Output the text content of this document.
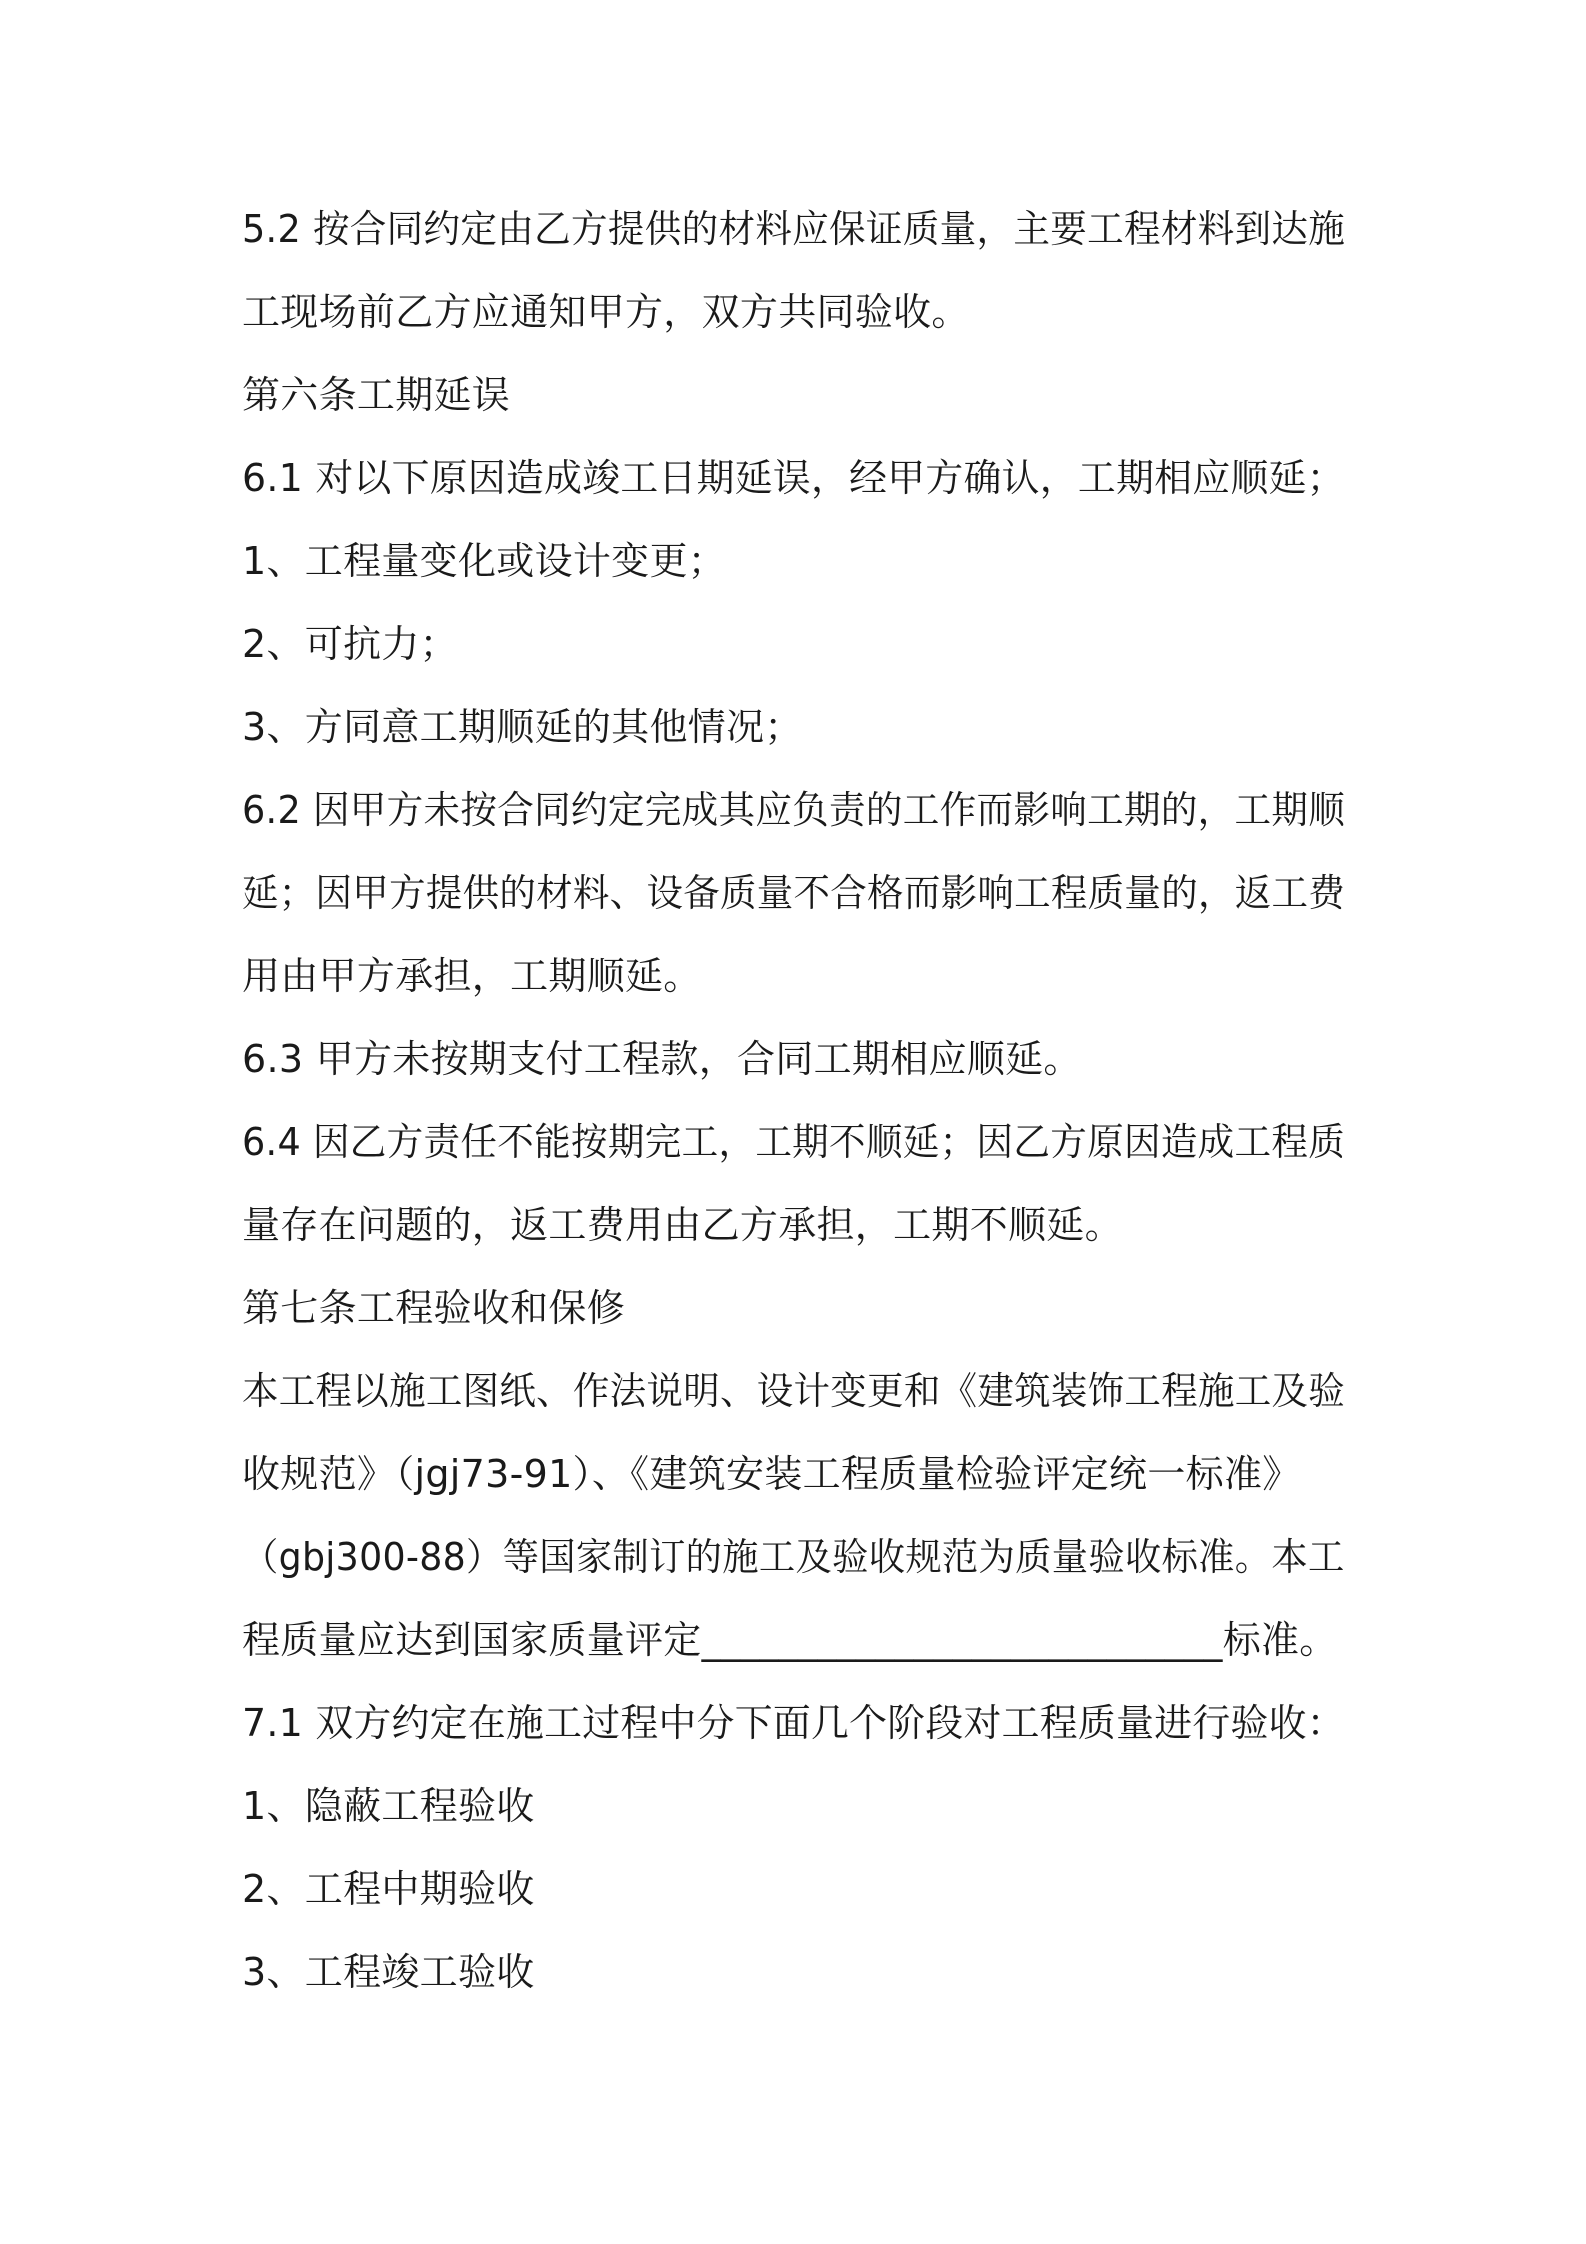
5.2 按合同约定由乙方提供的材料应保证质量，主要工程材料到达施
工现场前乙方应通知甲方，双方共同验收。
第六条工期延误
6.1 对以下原因造成竣工日期延误，经甲方确认，工期相应顺延；
1、工程量变化或设计变更；
2、可抗力；
3、方同意工期顺延的其他情况；
6.2 因甲方未按合同约定完成其应负责的工作而影响工期的，工期顺
延；因甲方提供的材料、设备质量不合格而影响工程质量的，返工费
用由甲方承担，工期顺延。
6.3 甲方未按期支付工程款，合同工期相应顺延。
6.4 因乙方责任不能按期完工，工期不顺延；因乙方原因造成工程质
量存在问题的，返工费用由乙方承担，工期不顺延。
第七条工程验收和保修
本工程以施工图纸、作法说明、设计变更和《建筑装饰工程施工及验
收规范》（jgj73-91）、《建筑安装工程质量检验评定统一标准》
（gbj300-88）等国家制订的施工及验收规范为质量验收标准。本工
程质量应达到国家质量评定___________________________标准。
7.1 双方约定在施工过程中分下面几个阶段对工程质量进行验收：
1、隐蔽工程验收
2、工程中期验收
3、工程竣工验收
